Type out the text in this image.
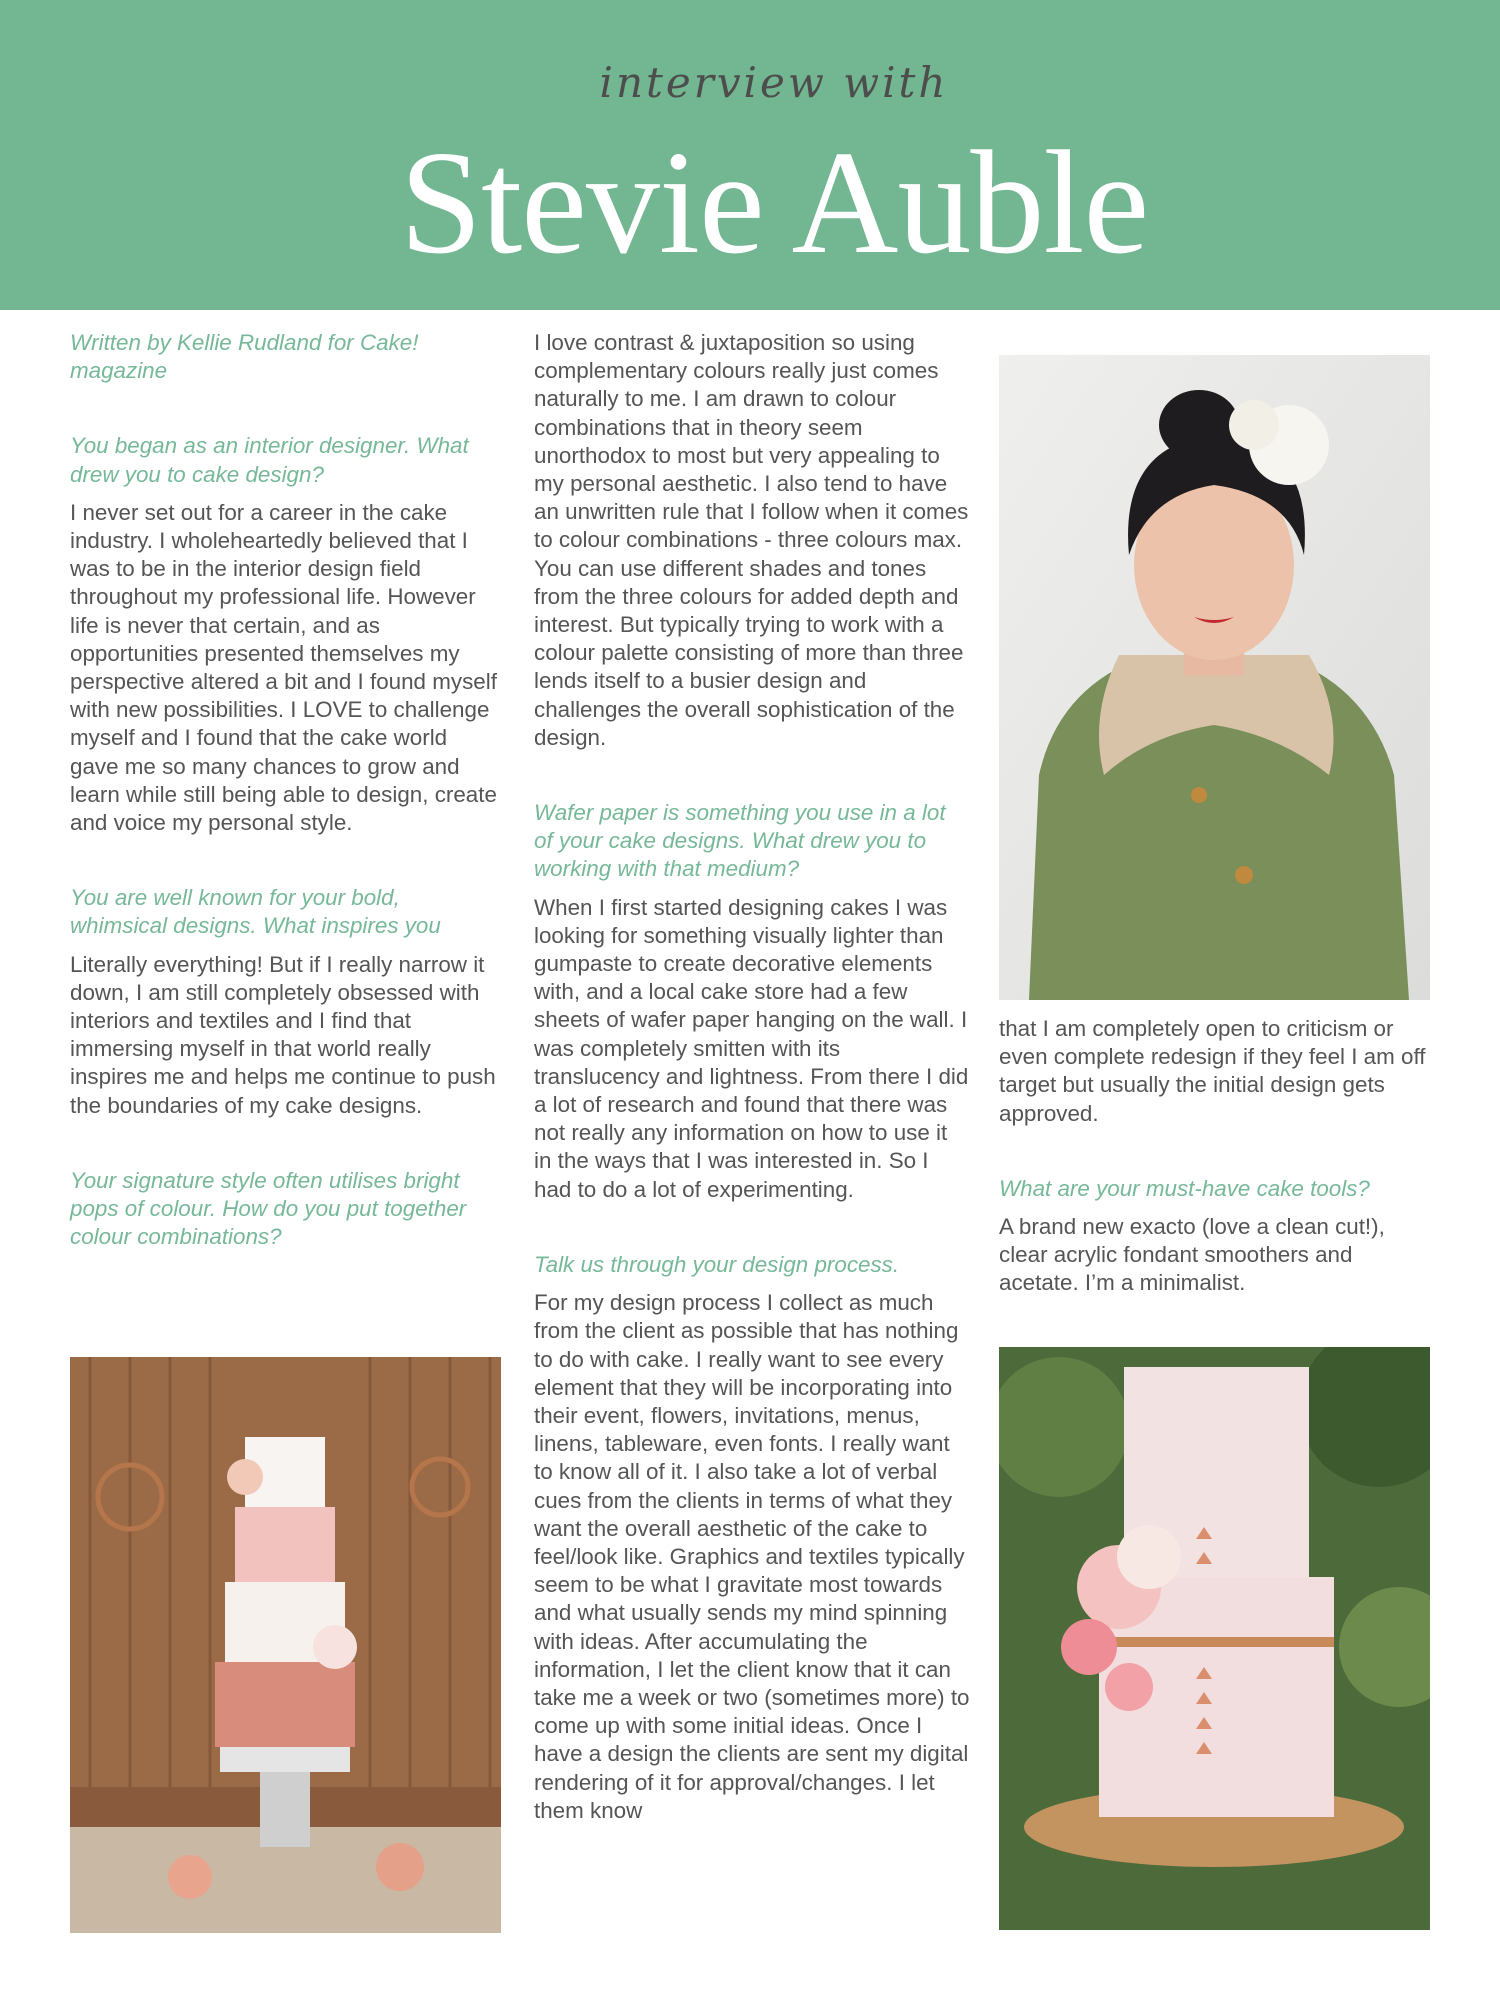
interview with
Stevie Auble

Written by Kellie Rudland for Cake! magazine

You began as an interior designer. What drew you to cake design?

I never set out for a career in the cake industry. I wholeheartedly believed that I was to be in the interior design field throughout my professional life. However life is never that certain, and as opportunities presented themselves my perspective altered a bit and I found myself with new possibilities. I LOVE to challenge myself and I found that the cake world gave me so many chances to grow and learn while still being able to design, create and voice my personal style.

You are well known for your bold, whimsical designs. What inspires you

Literally everything! But if I really narrow it down, I am still completely obsessed with interiors and textiles and I find that immersing myself in that world really inspires me and helps me continue to push the boundaries of my cake designs.

Your signature style often utilises bright pops of colour. How do you put together colour combinations?

I love contrast & juxtaposition so using complementary colours really just comes naturally to me. I am drawn to colour combinations that in theory seem unorthodox to most but very appealing to my personal aesthetic. I also tend to have an unwritten rule that I follow when it comes to colour combinations - three colours max. You can use different shades and tones from the three colours for added depth and interest. But typically trying to work with a colour palette consisting of more than three lends itself to a busier design and challenges the overall sophistication of the design.

Wafer paper is something you use in a lot of your cake designs. What drew you to working with that medium?

When I first started designing cakes I was looking for something visually lighter than gumpaste to create decorative elements with, and a local cake store had a few sheets of wafer paper hanging on the wall. I was completely smitten with its translucency and lightness. From there I did a lot of research and found that there was not really any information on how to use it in the ways that I was interested in. So I had to do a lot of experimenting.

Talk us through your design process.

For my design process I collect as much from the client as possible that has nothing to do with cake. I really want to see every element that they will be incorporating into their event, flowers, invitations, menus, linens, tableware, even fonts. I really want to know all of it. I also take a lot of verbal cues from the clients in terms of what they want the overall aesthetic of the cake to feel/look like. Graphics and textiles typically seem to be what I gravitate most towards and what usually sends my mind spinning with ideas. After accumulating the information, I let the client know that it can take me a week or two (sometimes more) to come up with some initial ideas. Once I have a design the clients are sent my digital rendering of it for approval/changes. I let them know

that I am completely open to criticism or even complete redesign if they feel I am off target but usually the initial design gets approved.

What are your must-have cake tools?

A brand new exacto (love a clean cut!), clear acrylic fondant smoothers and acetate. I’m a minimalist.
